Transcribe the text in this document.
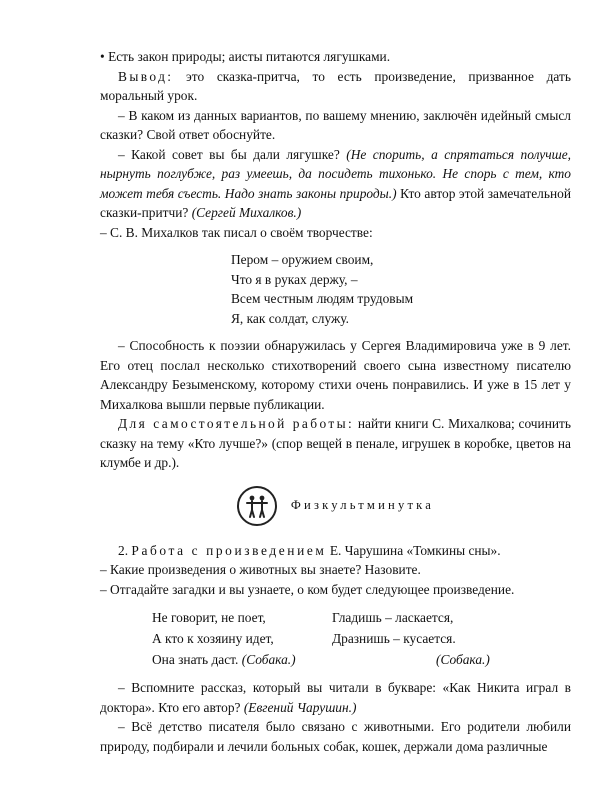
• Есть закон природы; аисты питаются лягушками.

Вывод: это сказка-притча, то есть произведение, призванное дать моральный урок.

– В каком из данных вариантов, по вашему мнению, заключён идейный смысл сказки? Свой ответ обоснуйте.

– Какой совет вы бы дали лягушке? (Не спорить, а спрятаться получше, нырнуть поглубже, раз умеешь, да посидеть тихонько. Не спорь с тем, кто может тебя съесть. Надо знать законы природы.) Кто автор этой замечательной сказки-притчи? (Сергей Михалков.)

– С. В. Михалков так писал о своём творчестве:

Пером – оружием своим,
Что я в руках держу, –
Всем честным людям трудовым
Я, как солдат, служу.

– Способность к поэзии обнаружилась у Сергея Владимировича уже в 9 лет. Его отец послал несколько стихотворений своего сына известному писателю Александру Безыменскому, которому стихи очень понравились. И уже в 15 лет у Михалкова вышли первые публикации.

Для самостоятельной работы: найти книги С. Михалкова; сочинить сказку на тему «Кто лучше?» (спор вещей в пенале, игрушек в коробке, цветов на клумбе и др.).

Физкультминутка

2. Работа с произведением Е. Чарушина «Томкины сны».

– Какие произведения о животных вы знаете? Назовите.

– Отгадайте загадки и вы узнаете, о ком будет следующее произведение.

Не говорит, не поет,	Гладишь – ласкается,
А кто к хозяину идет,	Дразнишь – кусается.
Она знать даст. (Собака.)	(Собака.)

– Вспомните рассказ, который вы читали в букваре: «Как Никита играл в доктора». Кто его автор? (Евгений Чарушин.)

– Всё детство писателя было связано с животными. Его родители любили природу, подбирали и лечили больных собак, кошек, держали дома различные
